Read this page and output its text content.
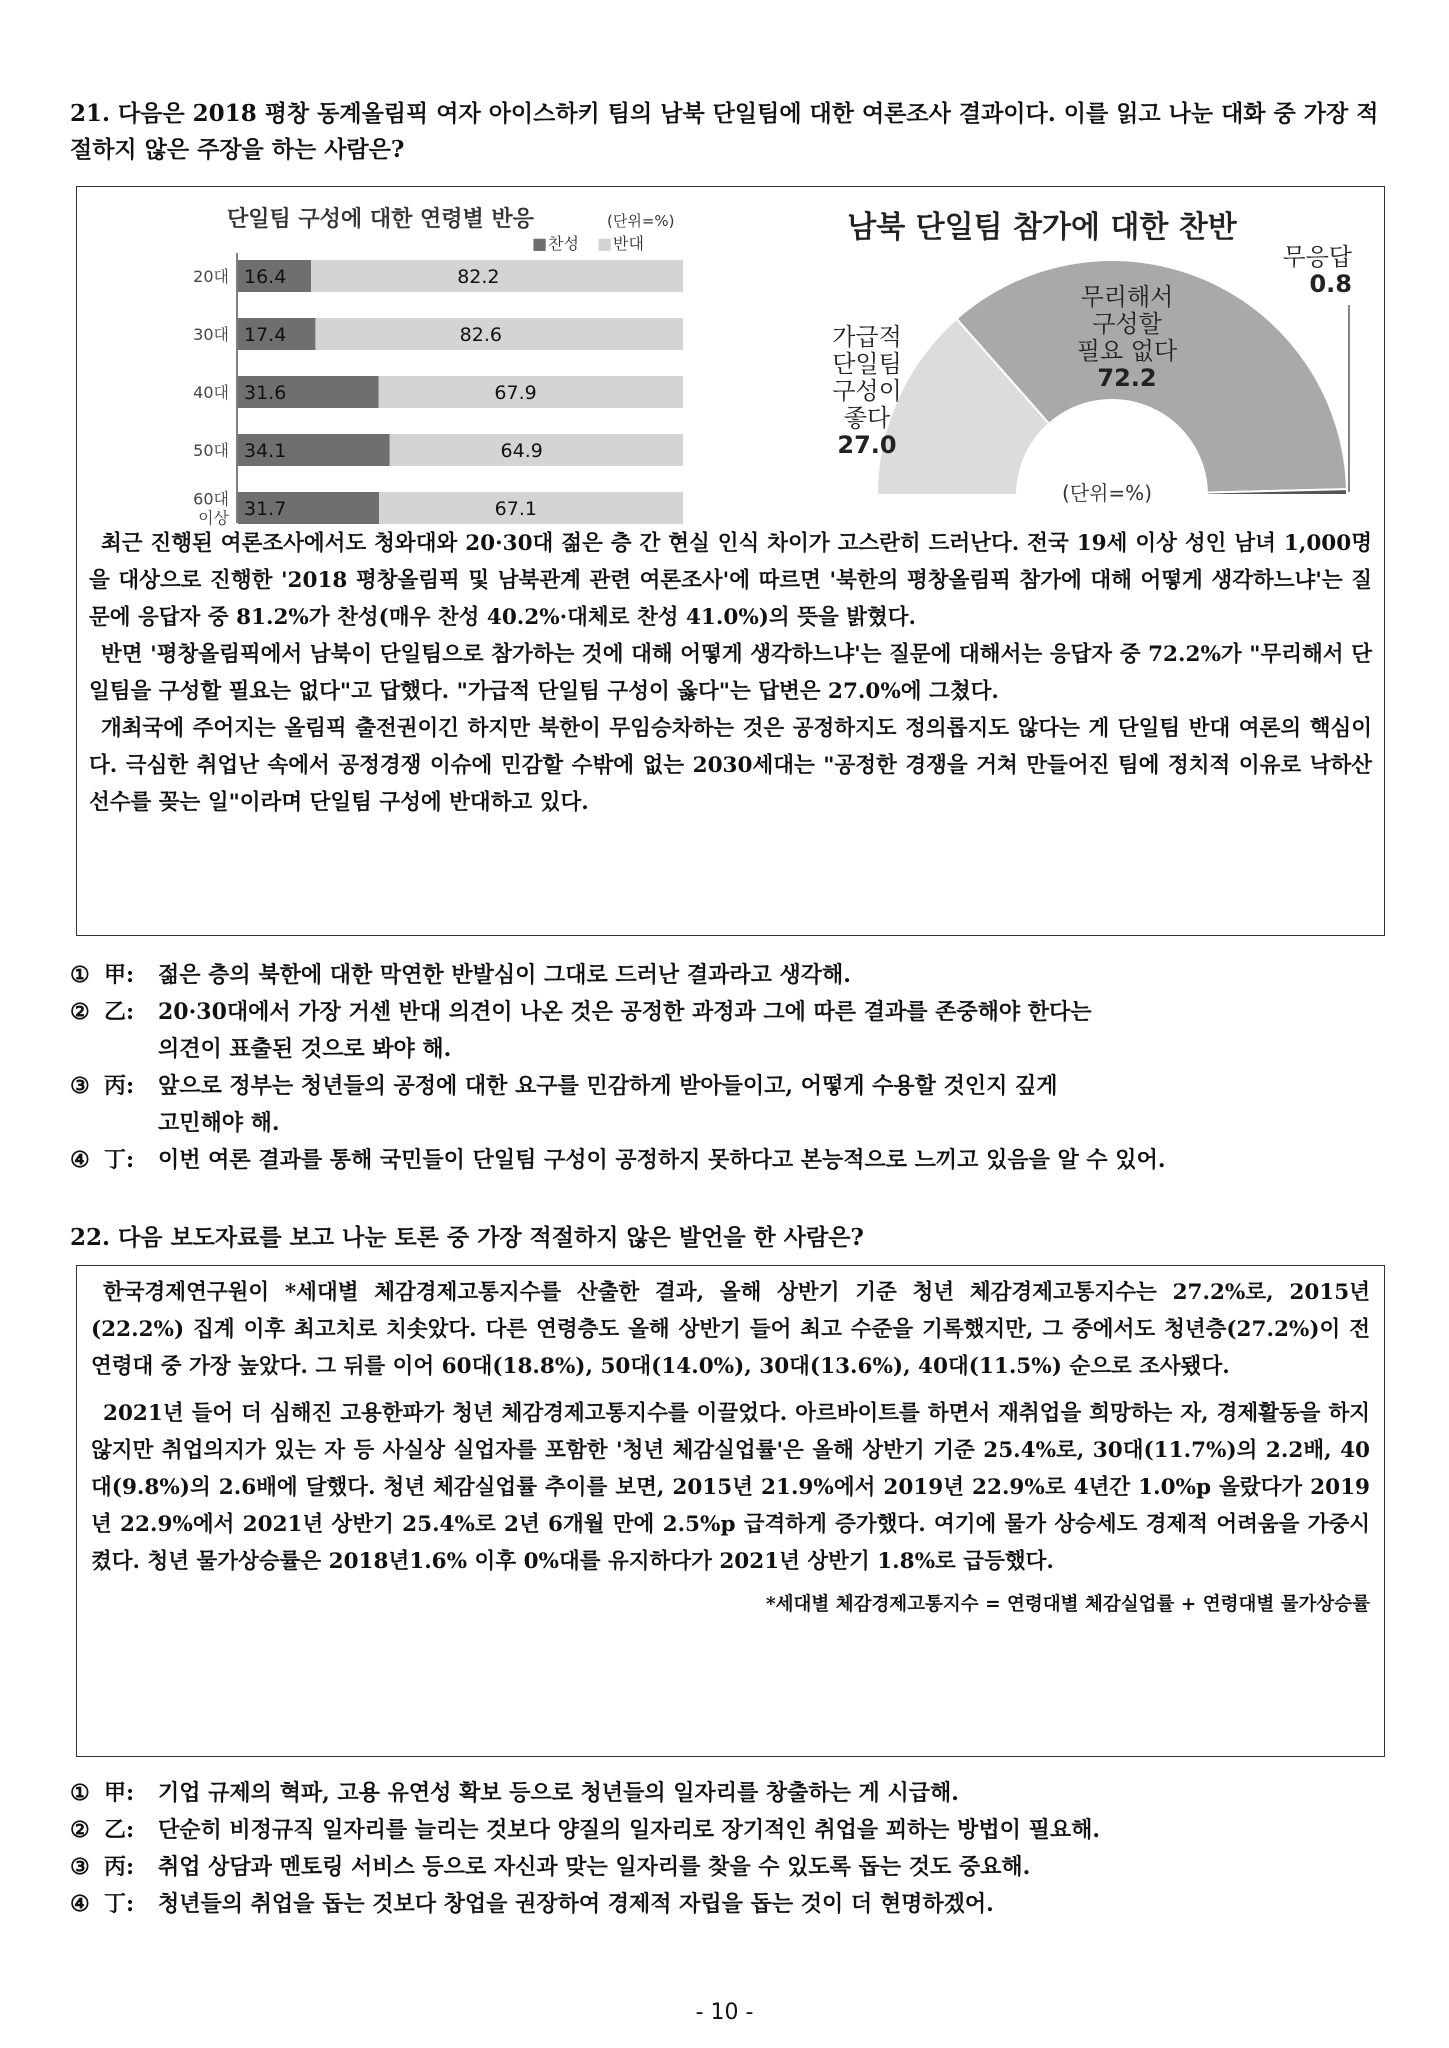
21. 다음은 2018 평창 동계올림픽 여자 아이스하키 팀의 남북 단일팀에 대한 여론조사 결과이다. 이를 읽고 나눈 대화 중 가장 적절하지 않은 주장을 하는 사람은?
단일팀 구성에 대한 연령별 반응	(단위=%)
■ 찬성 ■ 반대
20대
30대
40대
50대
60대
이상
16.4	82.2
17.4	82.6
31.6	67.9
34.1	64.9
31.7	67.1
남북 단일팀 참가에 대한 찬반
가급적
단일팀
구성이
좋다
27.0
무리해서
구성할
필요 없다
72.2
무응답
0.8
(단위=%)

최근 진행된 여론조사에서도 청와대와 20·30대 젊은 층 간 현실 인식 차이가 고스란히 드러난다. 전국 19세 이상 성인 남녀 1,000명을 대상으로 진행한 '2018 평창올림픽 및 남북관계 관련 여론조사'에 따르면 '북한의 평창올림픽 참가에 대해 어떻게 생각하느냐'는 질문에 응답자 중 81.2%가 찬성(매우 찬성 40.2%·대체로 찬성 41.0%)의 뜻을 밝혔다.

반면 '평창올림픽에서 남북이 단일팀으로 참가하는 것에 대해 어떻게 생각하느냐'는 질문에 대해서는 응답자 중 72.2%가 "무리해서 단일팀을 구성할 필요는 없다"고 답했다. "가급적 단일팀 구성이 옳다"는 답변은 27.0%에 그쳤다.

개최국에 주어지는 올림픽 출전권이긴 하지만 북한이 무임승차하는 것은 공정하지도 정의롭지도 않다는 게 단일팀 반대 여론의 핵심이다. 극심한 취업난 속에서 공정경쟁 이슈에 민감할 수밖에 없는 2030세대는 "공정한 경쟁을 거쳐 만들어진 팀에 정치적 이유로 낙하산 선수를 꽂는 일"이라며 단일팀 구성에 반대하고 있다.

① 甲: 젊은 층의 북한에 대한 막연한 반발심이 그대로 드러난 결과라고 생각해.
② 乙: 20·30대에서 가장 거센 반대 의견이 나온 것은 공정한 과정과 그에 따른 결과를 존중해야 한다는
의견이 표출된 것으로 봐야 해.
③ 丙: 앞으로 정부는 청년들의 공정에 대한 요구를 민감하게 받아들이고, 어떻게 수용할 것인지 깊게
고민해야 해.
④ 丁: 이번 여론 결과를 통해 국민들이 단일팀 구성이 공정하지 못하다고 본능적으로 느끼고 있음을 알 수 있어.
22. 다음 보도자료를 보고 나눈 토론 중 가장 적절하지 않은 발언을 한 사람은?

한국경제연구원이 *세대별 체감경제고통지수를 산출한 결과, 올해 상반기 기준 청년 체감경제고통지수는 27.2%로, 2015년(22.2%) 집계 이후 최고치로 치솟았다. 다른 연령층도 올해 상반기 들어 최고 수준을 기록했지만, 그 중에서도 청년층(27.2%)이 전 연령대 중 가장 높았다. 그 뒤를 이어 60대(18.8%), 50대(14.0%), 30대(13.6%), 40대(11.5%) 순으로 조사됐다.

2021년 들어 더 심해진 고용한파가 청년 체감경제고통지수를 이끌었다. 아르바이트를 하면서 재취업을 희망하는 자, 경제활동을 하지 않지만 취업의지가 있는 자 등 사실상 실업자를 포함한 '청년 체감실업률'은 올해 상반기 기준 25.4%로, 30대(11.7%)의 2.2배, 40대(9.8%)의 2.6배에 달했다. 청년 체감실업률 추이를 보면, 2015년 21.9%에서 2019년 22.9%로 4년간 1.0%p 올랐다가 2019년 22.9%에서 2021년 상반기 25.4%로 2년 6개월 만에 2.5%p 급격하게 증가했다. 여기에 물가 상승세도 경제적 어려움을 가중시켰다. 청년 물가상승률은 2018년1.6% 이후 0%대를 유지하다가 2021년 상반기 1.8%로 급등했다.

*세대별 체감경제고통지수 = 연령대별 체감실업률 + 연령대별 물가상승률
① 甲: 기업 규제의 혁파, 고용 유연성 확보 등으로 청년들의 일자리를 창출하는 게 시급해.
② 乙: 단순히 비정규직 일자리를 늘리는 것보다 양질의 일자리로 장기적인 취업을 꾀하는 방법이 필요해.
③ 丙: 취업 상담과 멘토링 서비스 등으로 자신과 맞는 일자리를 찾을 수 있도록 돕는 것도 중요해.
④ 丁: 청년들의 취업을 돕는 것보다 창업을 권장하여 경제적 자립을 돕는 것이 더 현명하겠어.
- 10 -
